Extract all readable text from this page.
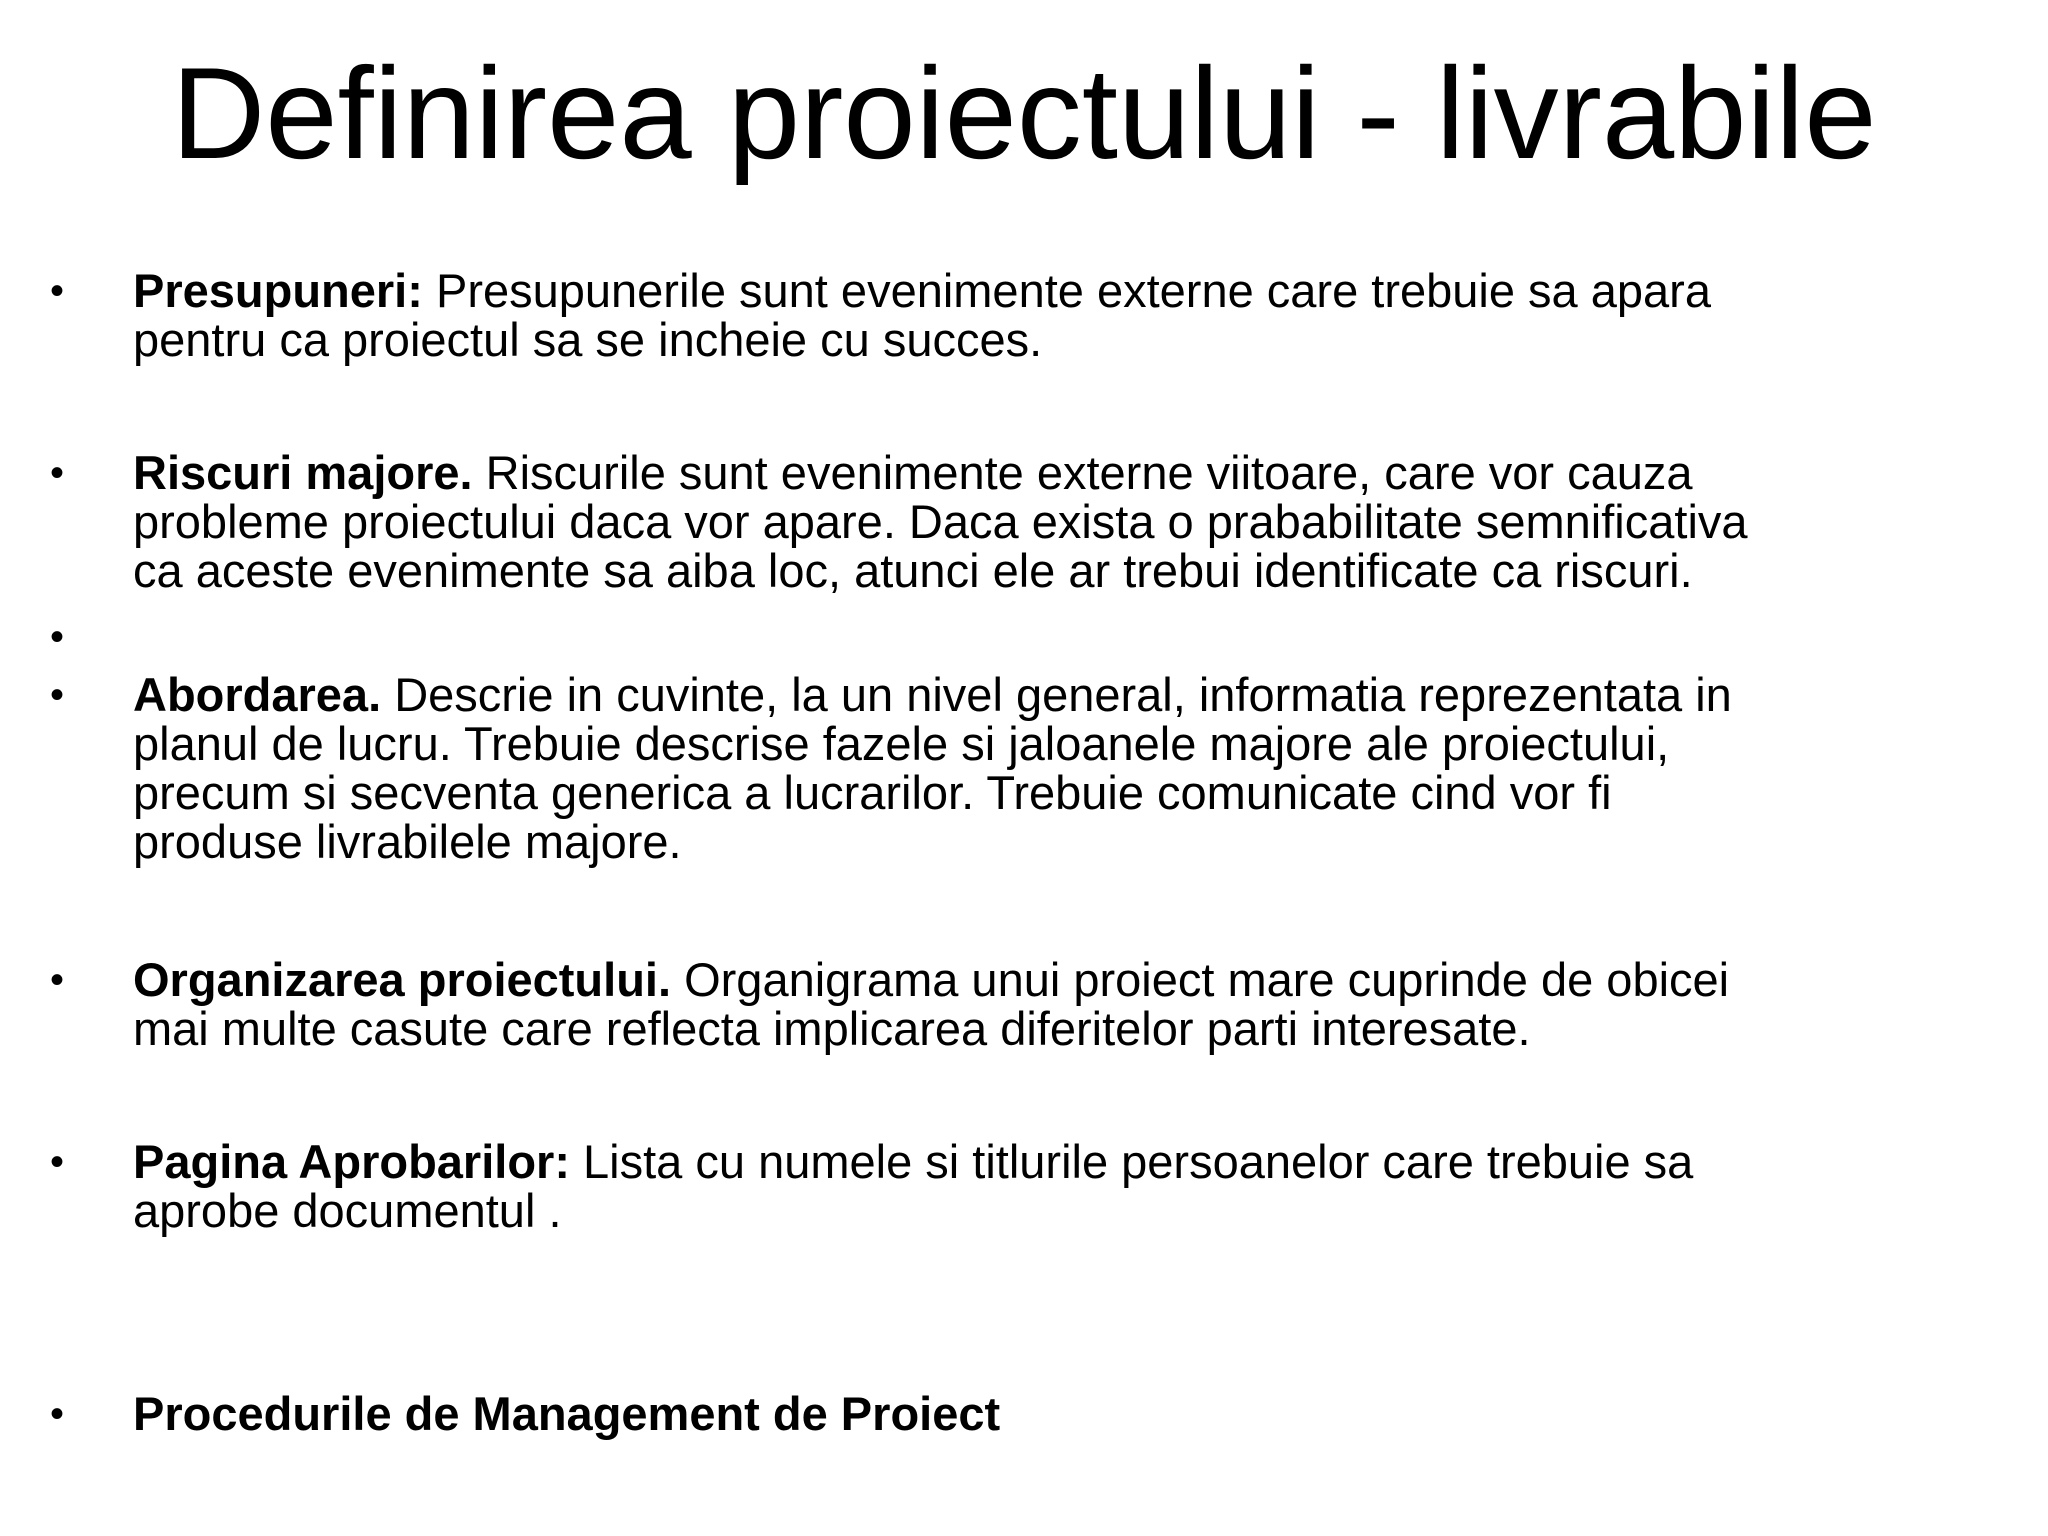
Definirea proiectului - livrabile
• Presupuneri: Presupunerile sunt evenimente externe care trebuie sa apara
pentru ca proiectul sa se incheie cu succes.
• Riscuri majore. Riscurile sunt evenimente externe viitoare, care vor cauza
probleme proiectului daca vor apare. Daca exista o prababilitate semnificativa
ca aceste evenimente sa aiba loc, atunci ele ar trebui identificate ca riscuri.
•
• Abordarea. Descrie in cuvinte, la un nivel general, informatia reprezentata in
planul de lucru. Trebuie descrise fazele si jaloanele majore ale proiectului,
precum si secventa generica a lucrarilor. Trebuie comunicate cind vor fi
produse livrabilele majore.
• Organizarea proiectului. Organigrama unui proiect mare cuprinde de obicei
mai multe casute care reflecta implicarea diferitelor parti interesate.
• Pagina Aprobarilor: Lista cu numele si titlurile persoanelor care trebuie sa
aprobe documentul .
• Procedurile de Management de Proiect
